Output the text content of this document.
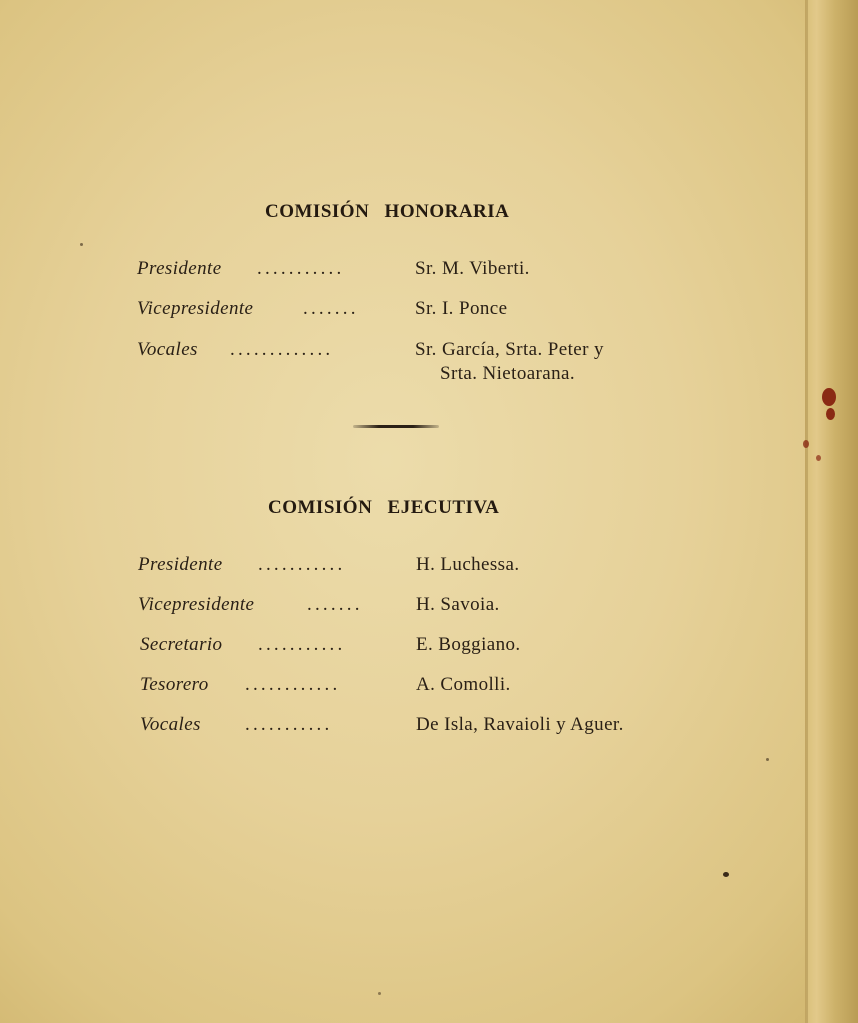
COMISIÓN HONORARIA
Presidente ...........	Sr. M. Viberti.
Vicepresidente	.......	Sr. I. Ponce
Vocales .............	Sr. García, Srta. Peter y
Srta. Nietoarana.
COMISIÓN EJECUTIVA
Presidente ...........	H. Luchessa.
Vicepresidente	.......	H. Savoia.
Secretario ...........	E. Boggiano.
Tesorero ............	A. Comolli.
Vocales ...........	De Isla, Ravaioli y Aguer.
